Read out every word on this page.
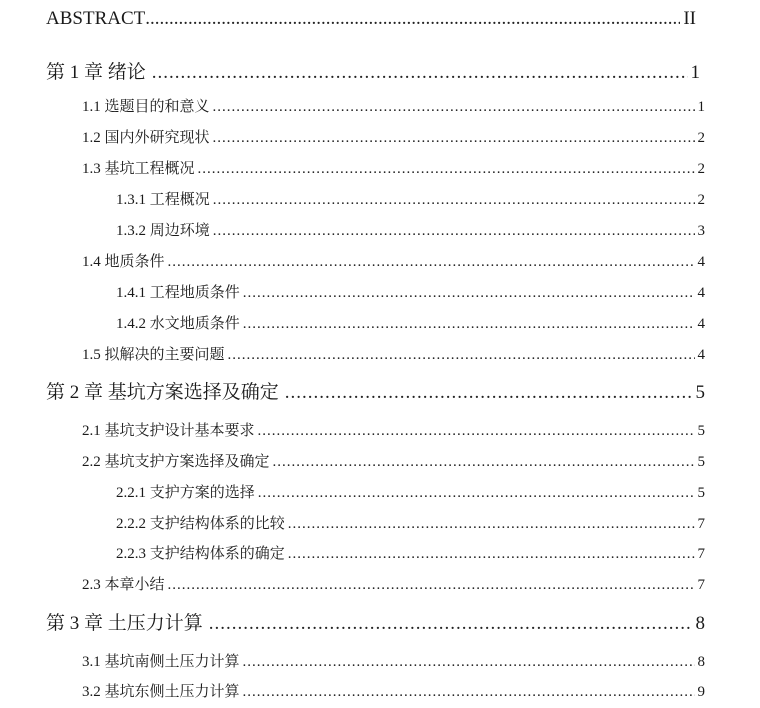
ABSTRACT .....	II
第 1 章 绪论 .....	1
1.1 选题目的和意义 .....	1
1.2 国内外研究现状 .....	2
1.3 基坑工程概况 .....	2
1.3.1 工程概况 .....	2
1.3.2 周边环境 .....	3
1.4 地质条件 .....	4
1.4.1 工程地质条件 .....	4
1.4.2 水文地质条件 .....	4
1.5 拟解决的主要问题 .....	4
第 2 章 基坑方案选择及确定 .....	5
2.1 基坑支护设计基本要求 .....	5
2.2 基坑支护方案选择及确定 .....	5
2.2.1 支护方案的选择 .....	5
2.2.2 支护结构体系的比较 .....	7
2.2.3 支护结构体系的确定 .....	7
2.3 本章小结 .....	7
第 3 章 土压力计算 .....	8
3.1 基坑南侧土压力计算 .....	8
3.2 基坑东侧土压力计算 .....	9
